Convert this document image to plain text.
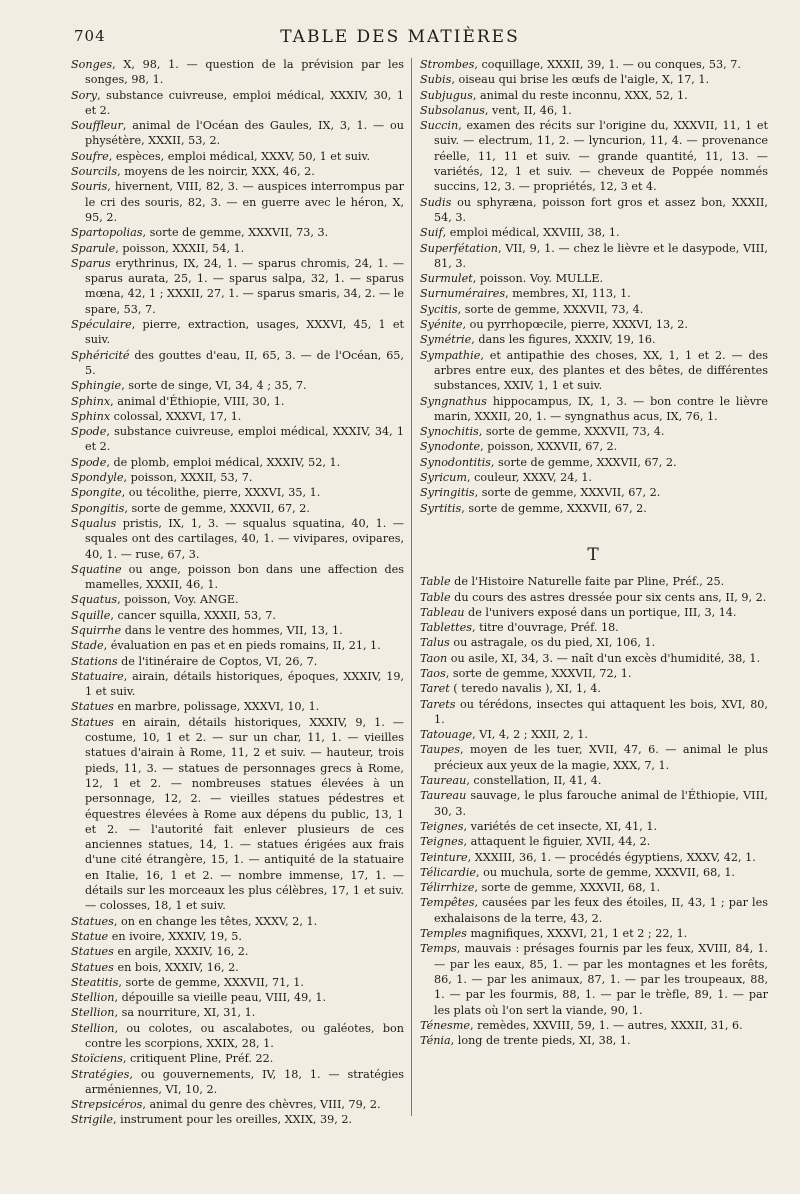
704	TABLE DES MATIÈRES

Songes, X, 98, 1. — question de la prévision par les songes, 98, 1.

Sory, substance cuivreuse, emploi médical, XXXIV, 30, 1 et 2.

Souffleur, animal de l'Océan des Gaules, IX, 3, 1. — ou physétère, XXXII, 53, 2.

Soufre, espèces, emploi médical, XXXV, 50, 1 et suiv.

Sourcils, moyens de les noircir, XXX, 46, 2.

Souris, hivernent, VIII, 82, 3. — auspices interrompus par le cri des souris, 82, 3. — en guerre avec le héron, X, 95, 2.

Spartopolias, sorte de gemme, XXXVII, 73, 3.

Sparule, poisson, XXXII, 54, 1.

Sparus erythrinus, IX, 24, 1. — sparus chromis, 24, 1. — sparus aurata, 25, 1. — sparus salpa, 32, 1. — sparus mœna, 42, 1 ; XXXII, 27, 1. — sparus smaris, 34, 2. — le spare, 53, 7.

Spéculaire, pierre, extraction, usages, XXXVI, 45, 1 et suiv.

Sphéricité des gouttes d'eau, II, 65, 3. — de l'Océan, 65, 5.

Sphingie, sorte de singe, VI, 34, 4 ; 35, 7.

Sphinx, animal d'Éthiopie, VIII, 30, 1.

Sphinx colossal, XXXVI, 17, 1.

Spode, substance cuivreuse, emploi médical, XXXIV, 34, 1 et 2.

Spode, de plomb, emploi médical, XXXIV, 52, 1.

Spondyle, poisson, XXXII, 53, 7.

Spongite, ou técolithe, pierre, XXXVI, 35, 1.

Spongitis, sorte de gemme, XXXVII, 67, 2.

Squalus pristis, IX, 1, 3. — squalus squatina, 40, 1. — squales ont des cartilages, 40, 1. — vivipares, ovipares, 40, 1. — ruse, 67, 3.

Squatine ou ange, poisson bon dans une affection des mamelles, XXXII, 46, 1.

Squatus, poisson, Voy. ANGE.

Squille, cancer squilla, XXXII, 53, 7.

Squirrhe dans le ventre des hommes, VII, 13, 1.

Stade, évaluation en pas et en pieds romains, II, 21, 1.

Stations de l'itinéraire de Coptos, VI, 26, 7.

Statuaire, airain, détails historiques, époques, XXXIV, 19, 1 et suiv.

Statues en marbre, polissage, XXXVI, 10, 1.

Statues en airain, détails historiques, XXXIV, 9, 1. — costume, 10, 1 et 2. — sur un char, 11, 1. — vieilles statues d'airain à Rome, 11, 2 et suiv. — hauteur, trois pieds, 11, 3. — statues de personnages grecs à Rome, 12, 1 et 2. — nombreuses statues élevées à un personnage, 12, 2. — vieilles statues pédestres et équestres élevées à Rome aux dépens du public, 13, 1 et 2. — l'autorité fait enlever plusieurs de ces anciennes statues, 14, 1. — statues érigées aux frais d'une cité étrangère, 15, 1. — antiquité de la statuaire en Italie, 16, 1 et 2. — nombre immense, 17, 1. — détails sur les morceaux les plus célèbres, 17, 1 et suiv. — colosses, 18, 1 et suiv.

Statues, on en change les têtes, XXXV, 2, 1.

Statue en ivoire, XXXIV, 19, 5.

Statues en argile, XXXIV, 16, 2.

Statues en bois, XXXIV, 16, 2.

Steatitis, sorte de gemme, XXXVII, 71, 1.

Stellion, dépouille sa vieille peau, VIII, 49, 1.

Stellion, sa nourriture, XI, 31, 1.

Stellion, ou colotes, ou ascalabotes, ou galéotes, bon contre les scorpions, XXIX, 28, 1.

Stoïciens, critiquent Pline, Préf. 22.

Stratégies, ou gouvernements, IV, 18, 1. — stratégies arméniennes, VI, 10, 2.

Strepsicéros, animal du genre des chèvres, VIII, 79, 2.

Strigile, instrument pour les oreilles, XXIX, 39, 2.

Strombes, coquillage, XXXII, 39, 1. — ou conques, 53, 7.

Subis, oiseau qui brise les œufs de l'aigle, X, 17, 1.

Subjugus, animal du reste inconnu, XXX, 52, 1.

Subsolanus, vent, II, 46, 1.

Succin, examen des récits sur l'origine du, XXXVII, 11, 1 et suiv. — electrum, 11, 2. — lyncurion, 11, 4. — provenance réelle, 11, 11 et suiv. — grande quantité, 11, 13. — variétés, 12, 1 et suiv. — cheveux de Poppée nommés succins, 12, 3. — propriétés, 12, 3 et 4.

Sudis ou sphyræna, poisson fort gros et assez bon, XXXII, 54, 3.

Suif, emploi médical, XXVIII, 38, 1.

Superfétation, VII, 9, 1. — chez le lièvre et le dasypode, VIII, 81, 3.

Surmulet, poisson. Voy. MULLE.

Surnuméraires, membres, XI, 113, 1.

Sycitis, sorte de gemme, XXXVII, 73, 4.

Syénite, ou pyrrhopœcile, pierre, XXXVI, 13, 2.

Symétrie, dans les figures, XXXIV, 19, 16.

Sympathie, et antipathie des choses, XX, 1, 1 et 2. — des arbres entre eux, des plantes et des bêtes, de différentes substances, XXIV, 1, 1 et suiv.

Syngnathus hippocampus, IX, 1, 3. — bon contre le lièvre marin, XXXII, 20, 1. — syngnathus acus, IX, 76, 1.

Synochitis, sorte de gemme, XXXVII, 73, 4.

Synodonte, poisson, XXXVII, 67, 2.

Synodontitis, sorte de gemme, XXXVII, 67, 2.

Syricum, couleur, XXXV, 24, 1.

Syringitis, sorte de gemme, XXXVII, 67, 2.

Syrtitis, sorte de gemme, XXXVII, 67, 2.

T

Table de l'Histoire Naturelle faite par Pline, Préf., 25.

Table du cours des astres dressée pour six cents ans, II, 9, 2.

Tableau de l'univers exposé dans un portique, III, 3, 14.

Tablettes, titre d'ouvrage, Préf. 18.

Talus ou astragale, os du pied, XI, 106, 1.

Taon ou asile, XI, 34, 3. — naît d'un excès d'humidité, 38, 1.

Taos, sorte de gemme, XXXVII, 72, 1.

Taret ( teredo navalis ), XI, 1, 4.

Tarets ou térédons, insectes qui attaquent les bois, XVI, 80, 1.

Tatouage, VI, 4, 2 ; XXII, 2, 1.

Taupes, moyen de les tuer, XVII, 47, 6. — animal le plus précieux aux yeux de la magie, XXX, 7, 1.

Taureau, constellation, II, 41, 4.

Taureau sauvage, le plus farouche animal de l'Éthiopie, VIII, 30, 3.

Teignes, variétés de cet insecte, XI, 41, 1.

Teignes, attaquent le figuier, XVII, 44, 2.

Teinture, XXXIII, 36, 1. — procédés égyptiens, XXXV, 42, 1.

Télicardie, ou muchula, sorte de gemme, XXXVII, 68, 1.

Télirrhize, sorte de gemme, XXXVII, 68, 1.

Tempêtes, causées par les feux des étoiles, II, 43, 1 ; par les exhalaisons de la terre, 43, 2.

Temples magnifiques, XXXVI, 21, 1 et 2 ; 22, 1.

Temps, mauvais : présages fournis par les feux, XVIII, 84, 1. — par les eaux, 85, 1. — par les montagnes et les forêts, 86, 1. — par les animaux, 87, 1. — par les troupeaux, 88, 1. — par les fourmis, 88, 1. — par le trèfle, 89, 1. — par les plats où l'on sert la viande, 90, 1.

Ténesme, remèdes, XXVIII, 59, 1. — autres, XXXII, 31, 6.

Ténia, long de trente pieds, XI, 38, 1.
